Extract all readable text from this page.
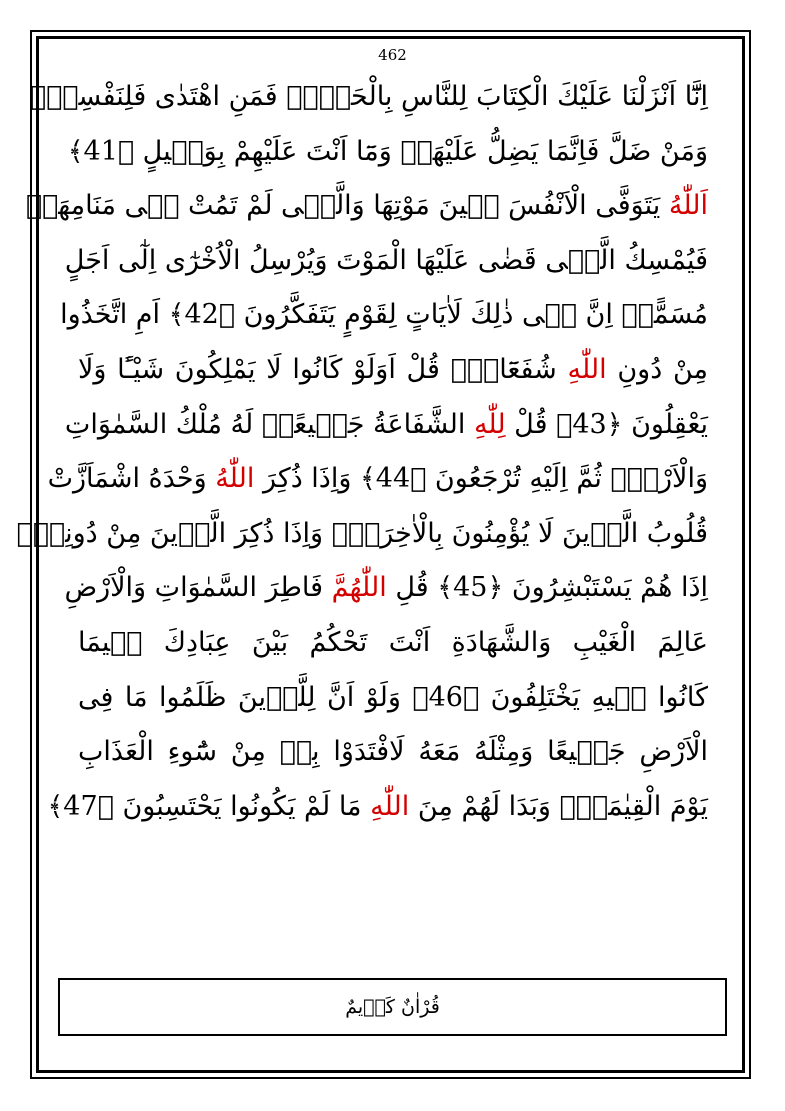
462
اِنَّٓا اَنْزَلْنَا عَلَيْكَ الْكِتَابَ لِلنَّاسِ بِالْحَقِّۚ فَمَنِ اهْتَدٰى فَلِنَفْسِهٖۚ
وَمَنْ ضَلَّ فَاِنَّمَا يَضِلُّ عَلَيْهَاۚ وَمَٓا اَنْتَ عَلَيْهِمْ بِوَكٖيلٍ ﴿41﴾
اَللّٰهُ يَتَوَفَّى الْاَنْفُسَ حٖينَ مَوْتِهَا وَالَّتٖى لَمْ تَمُتْ فٖى مَنَامِهَاۚ
فَيُمْسِكُ الَّتٖى قَضٰى عَلَيْهَا الْمَوْتَ وَيُرْسِلُ الْاُخْرٰٓى اِلٰٓى اَجَلٍ
مُسَمًّىۜ اِنَّ فٖى ذٰلِكَ لَاٰيَاتٍ لِقَوْمٍ يَتَفَكَّرُونَ ﴿42﴾ اَمِ اتَّخَذُوا
مِنْ دُونِ اللّٰهِ شُفَعَٓاءَۜ قُلْ اَوَلَوْ كَانُوا لَا يَمْلِكُونَ شَيْـًٔا وَلَا
يَعْقِلُونَ ﴿43﴾ قُلْ لِلّٰهِ الشَّفَاعَةُ جَمٖيعًاۜ لَهُ مُلْكُ السَّمٰوَاتِ
وَالْاَرْضِۜ ثُمَّ اِلَيْهِ تُرْجَعُونَ ﴿44﴾ وَاِذَا ذُكِرَ اللّٰهُ وَحْدَهُ اشْمَاَزَّتْ
قُلُوبُ الَّذٖينَ لَا يُؤْمِنُونَ بِالْاٰخِرَةِۚ وَاِذَا ذُكِرَ الَّذٖينَ مِنْ دُونِهٖٓ
اِذَا هُمْ يَسْتَبْشِرُونَ ﴿45﴾ قُلِ اللّٰهُمَّ فَاطِرَ السَّمٰوَاتِ وَالْاَرْضِ
عَالِمَ الْغَيْبِ وَالشَّهَادَةِ اَنْتَ تَحْكُمُ بَيْنَ عِبَادِكَ فٖيمَا
كَانُوا فٖيهِ يَخْتَلِفُونَ ﴿46﴾ وَلَوْ اَنَّ لِلَّذٖينَ ظَلَمُوا مَا فِى
الْاَرْضِ جَمٖيعًا وَمِثْلَهُ مَعَهُ لَافْتَدَوْا بِهٖ مِنْ سُٓوءِ الْعَذَابِ
يَوْمَ الْقِيٰمَةِۜ وَبَدَا لَهُمْ مِنَ اللّٰهِ مَا لَمْ يَكُونُوا يَحْتَسِبُونَ ﴿47﴾
قُرْاٰنٌ كَرٖيمٌ
